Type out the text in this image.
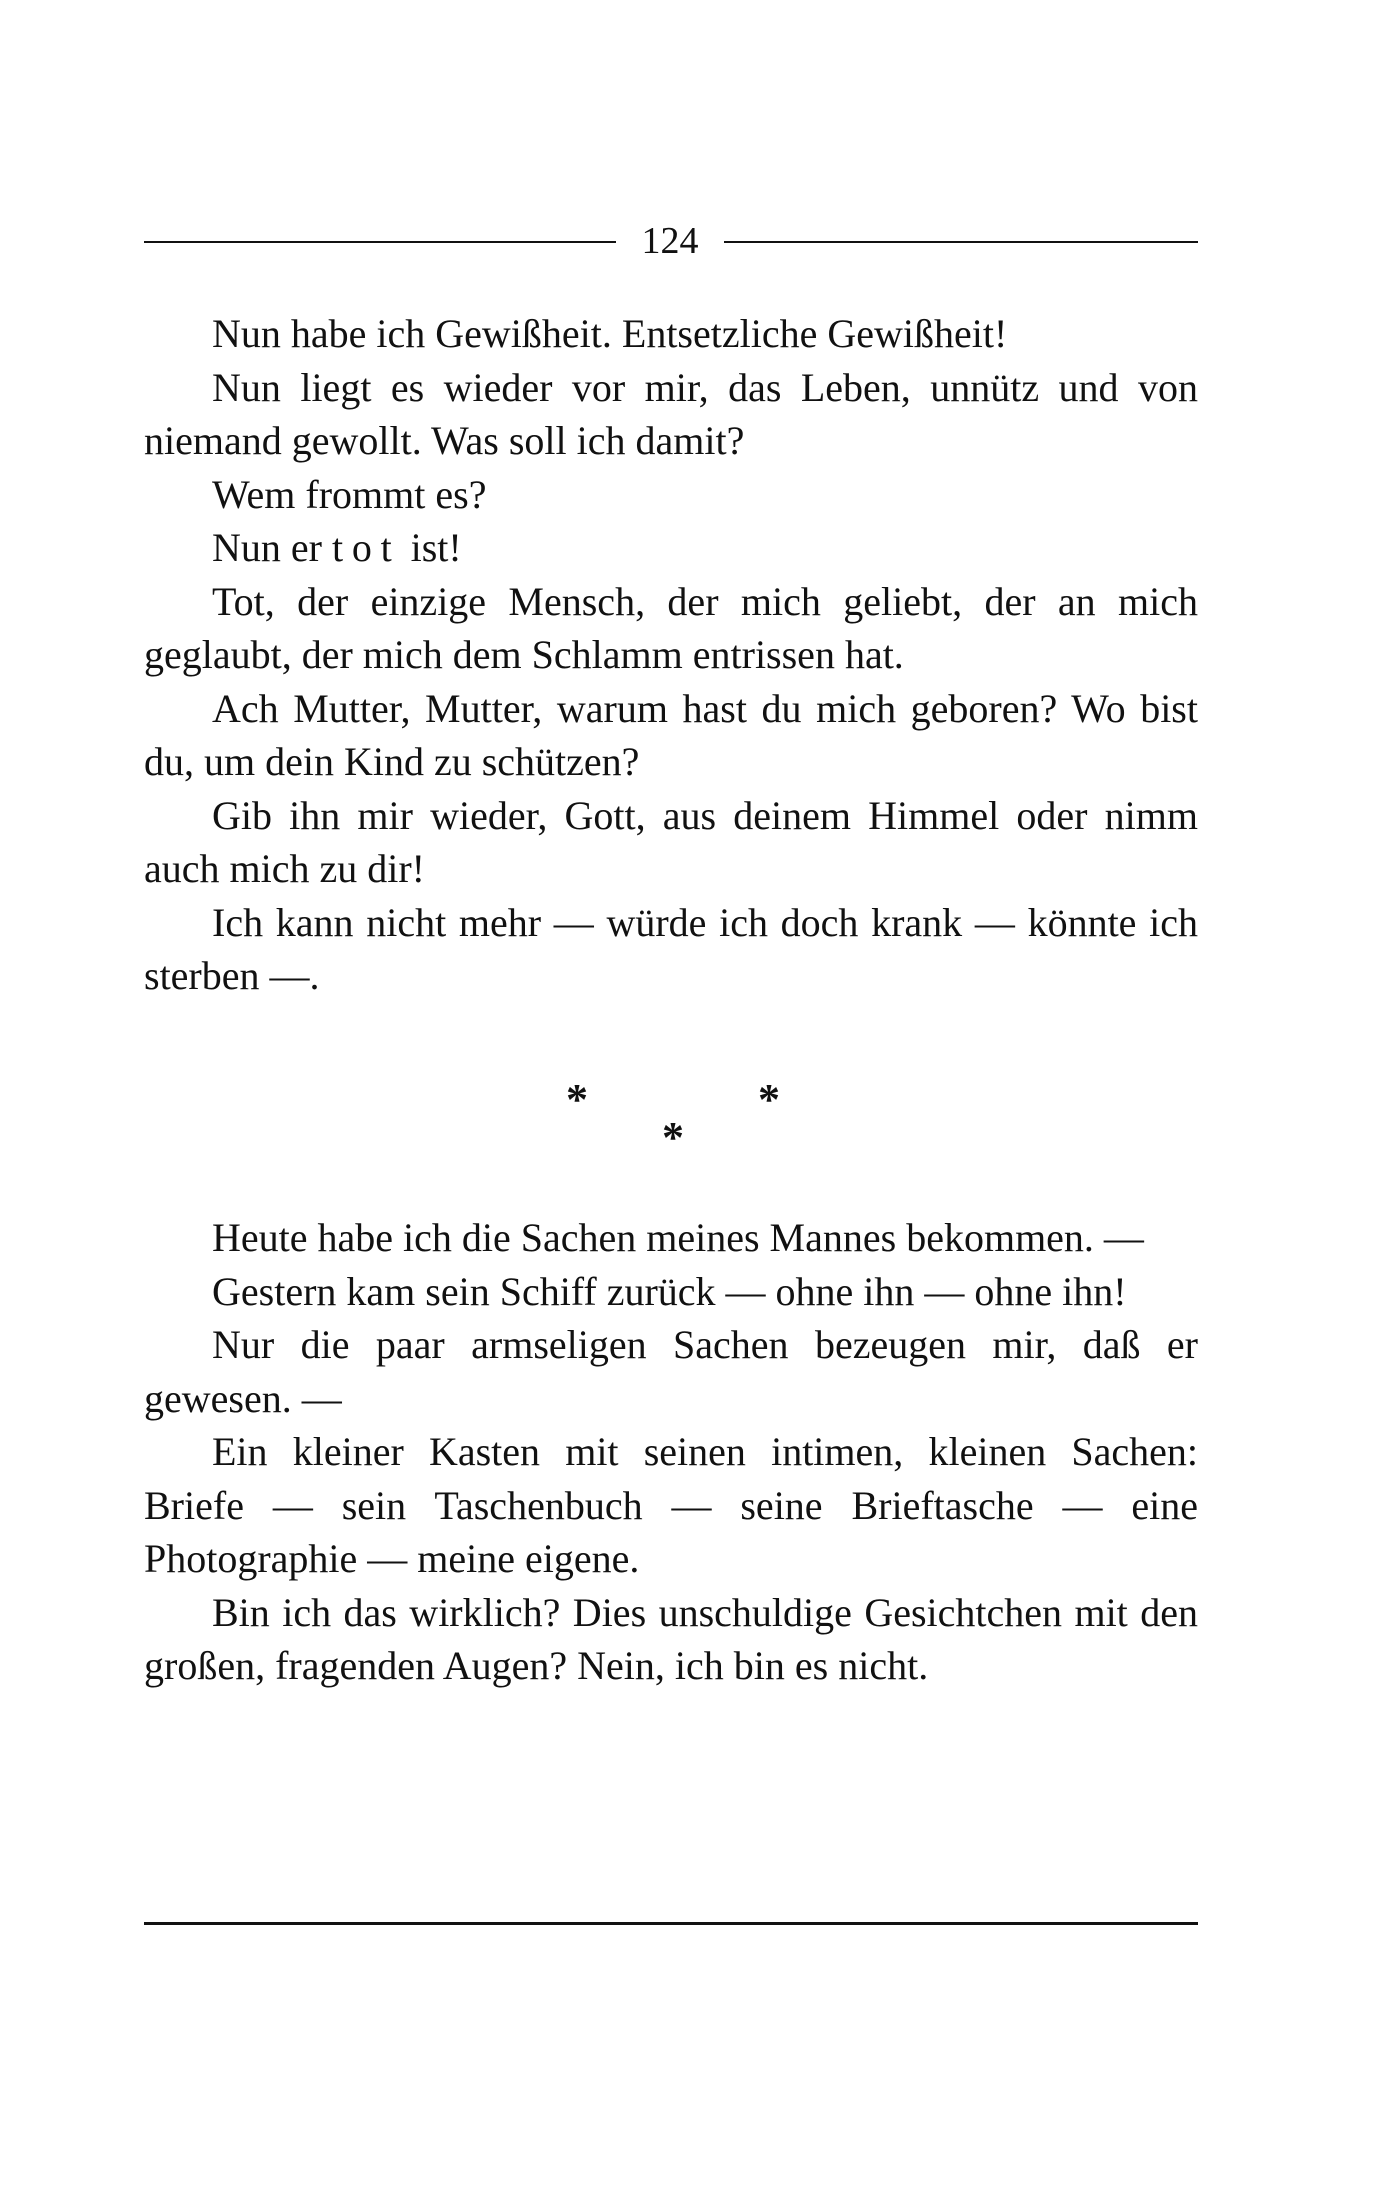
124

Nun habe ich Gewißheit. Entsetzliche Gewißheit!

Nun liegt es wieder vor mir, das Leben, unnütz und von niemand gewollt. Was soll ich damit?

Wem frommt es?

Nun er tot ist!

Tot, der einzige Mensch, der mich geliebt, der an mich geglaubt, der mich dem Schlamm entrissen hat.

Ach Mutter, Mutter, warum hast du mich geboren? Wo bist du, um dein Kind zu schützen?

Gib ihn mir wieder, Gott, aus deinem Himmel oder nimm auch mich zu dir!

Ich kann nicht mehr — würde ich doch krank — könnte ich sterben —.

*	*
*

Heute habe ich die Sachen meines Mannes bekommen. —

Gestern kam sein Schiff zurück — ohne ihn — ohne ihn!

Nur die paar armseligen Sachen bezeugen mir, daß er gewesen. —

Ein kleiner Kasten mit seinen intimen, kleinen Sachen: Briefe — sein Taschenbuch — seine Brieftasche — eine Photographie — meine eigene.

Bin ich das wirklich? Dies unschuldige Gesichtchen mit den großen, fragenden Augen? Nein, ich bin es nicht.
